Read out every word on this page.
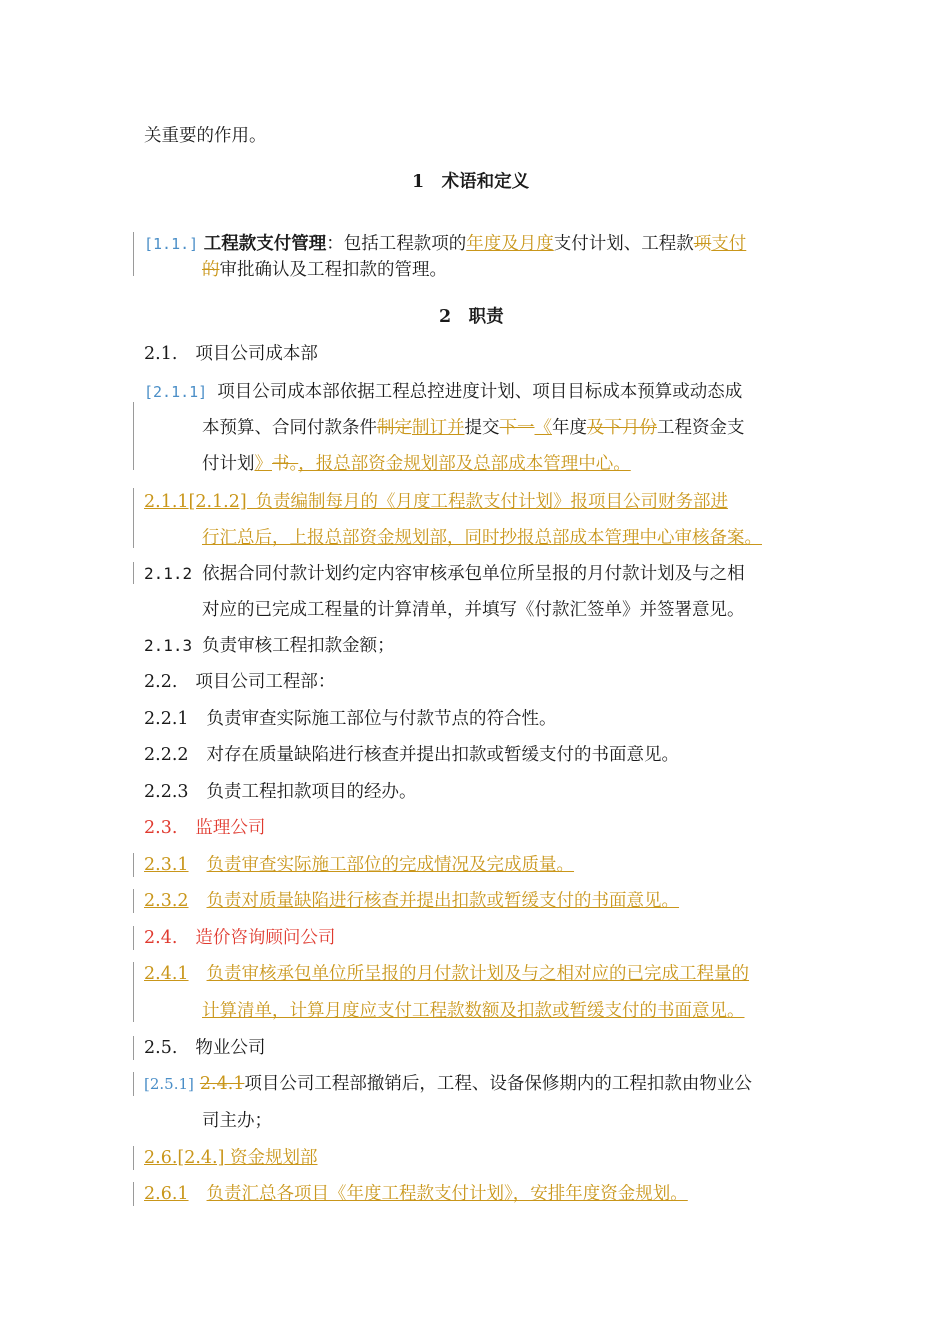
关重要的作用。
1　术语和定义
[1.1.] 工程款支付管理：包括工程款项的年度及月度支付计划、工程款项支付
的审批确认及工程扣款的管理。
2　职责
2.1. 项目公司成本部
[2.1.1] 项目公司成本部依据工程总控进度计划、项目目标成本预算或动态成
本预算、合同付款条件制定制订并提交下一《年度及下月份工程资金支
付计划》书。，报总部资金规划部及总部成本管理中心。
2.1.1[2.1.2] 负责编制每月的《月度工程款支付计划》报项目公司财务部进
行汇总后，上报总部资金规划部，同时抄报总部成本管理中心审核备案。
2.1.2 依据合同付款计划约定内容审核承包单位所呈报的月付款计划及与之相
对应的已完成工程量的计算清单，并填写《付款汇签单》并签署意见。
2.1.3 负责审核工程扣款金额；
2.2. 项目公司工程部：
2.2.1 负责审查实际施工部位与付款节点的符合性。
2.2.2 对存在质量缺陷进行核查并提出扣款或暂缓支付的书面意见。
2.2.3 负责工程扣款项目的经办。
2.3. 监理公司
2.3.1 负责审查实际施工部位的完成情况及完成质量。
2.3.2 负责对质量缺陷进行核查并提出扣款或暂缓支付的书面意见。
2.4. 造价咨询顾问公司
2.4.1 负责审核承包单位所呈报的月付款计划及与之相对应的已完成工程量的
计算清单，计算月度应支付工程款数额及扣款或暂缓支付的书面意见。
2.5. 物业公司
[2.5.1] 2.4.1项目公司工程部撤销后，工程、设备保修期内的工程扣款由物业公
司主办；
2.6.[2.4.] 资金规划部
2.6.1 负责汇总各项目《年度工程款支付计划》，安排年度资金规划。
